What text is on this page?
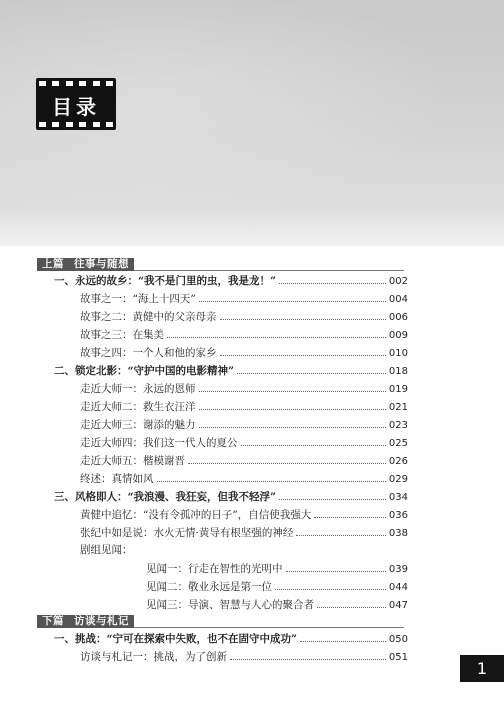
目录
上篇 往事与随想
一、永远的故乡：“我不是门里的虫，我是龙！”	002
故事之一：“海上十四天”	004
故事之二：黄健中的父亲母亲	006
故事之三：在集美	009
故事之四：一个人和他的家乡	010
二、锁定北影：“守护中国的电影精神”	018
走近大师一：永远的恩师	019
走近大师二：救生衣汪洋	021
走近大师三：谢添的魅力	023
走近大师四：我们这一代人的夏公	025
走近大师五：楷模谢晋	026
终述：真情如风	029
三、风格即人：“我浪漫、我狂妄，但我不轻浮”	034
黄健中追忆：“没有令孤冲的日子”，自信使我强大	036
张纪中如是说：水火无情·黄导有根坚强的神经	038
剧组见闻：
见闻一：行走在智性的光明中	039
见闻二：敬业永远是第一位	044
见闻三：导演、智慧与人心的聚合者	047
下篇 访谈与札记
一、挑战：“宁可在探索中失败，也不在固守中成功”	050
访谈与札记一：挑战，为了创新	051
1
